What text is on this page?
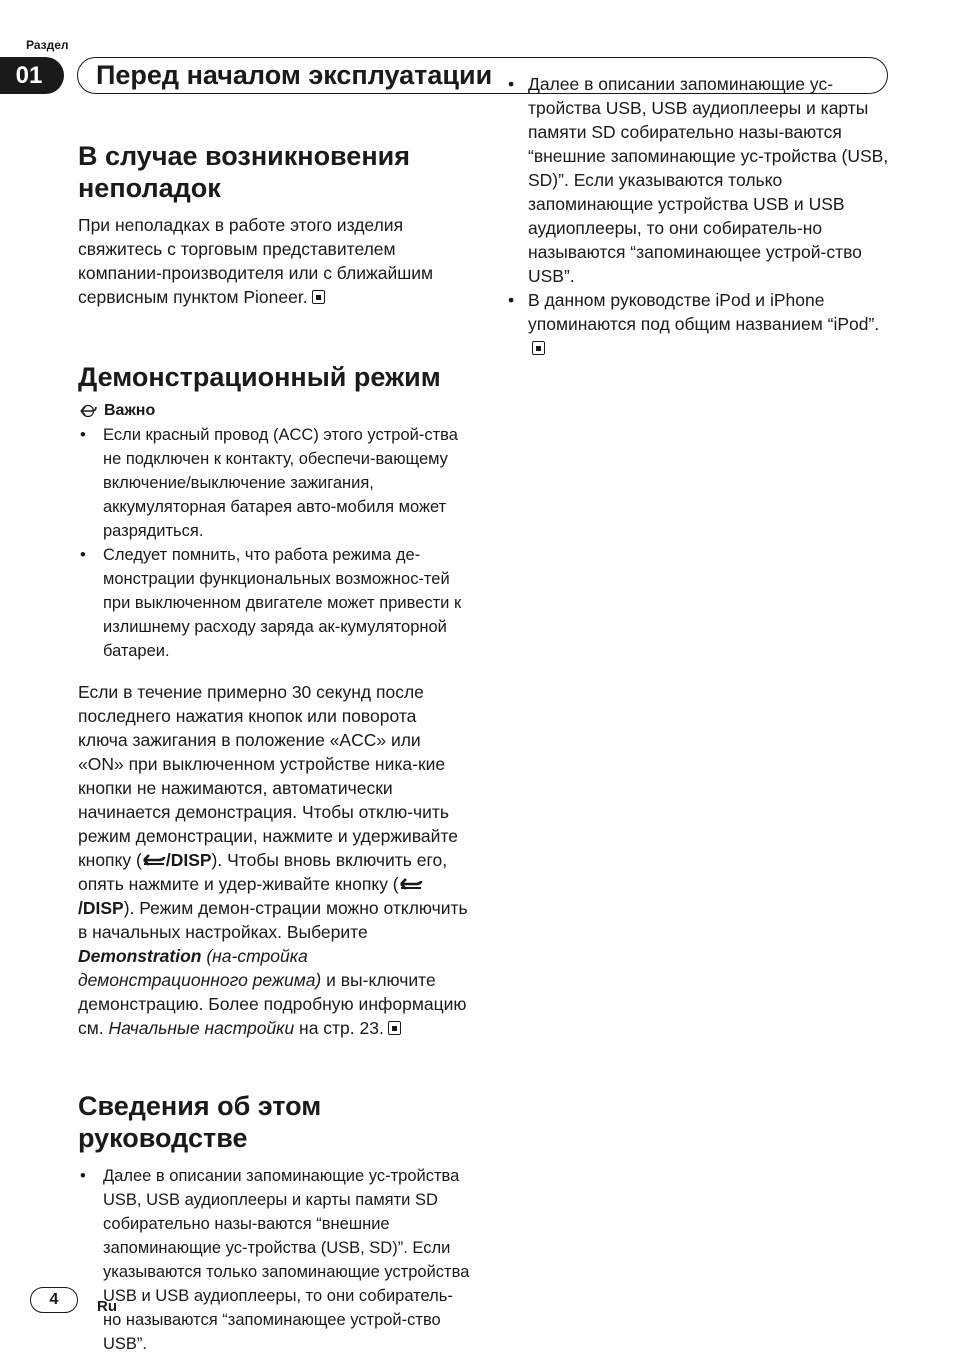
Раздел
01	Перед началом эксплуатации
В случае возникновения
неполадок

При неполадках в работе этого изделия свяжитесь с торговым представителем компании-производителя или с ближайшим сервисным пунктом Pioneer.

Демонстрационный режим
Важно
• Если красный провод (ACC) этого устрой-ства не подключен к контакту, обеспечи-вающему включение/выключение зажигания, аккумуляторная батарея авто-мобиля может разрядиться.
• Следует помнить, что работа режима де-монстрации функциональных возможнос-тей при выключенном двигателе может привести к излишнему расходу заряда ак-кумуляторной батареи.

Если в течение примерно 30 секунд после последнего нажатия кнопок или поворота ключа зажигания в положение «ACC» или «ON» при выключенном устройстве ника-кие кнопки не нажимаются, автоматически начинается демонстрация. Чтобы отклю-чить режим демонстрации, нажмите и удерживайте кнопку ( /DISP). Чтобы вновь включить его, опять нажмите и удер-живайте кнопку (/DISP). Режим демон-страции можно отключить в начальных настройках. Выберите Demonstration (на-стройка демонстрационного режима) и вы-ключите демонстрацию. Более подробную информацию см. Начальные настройки на стр. 23.

Сведения об этом
руководстве
• Далее в описании запоминающие ус-тройства USB, USB аудиоплееры и карты памяти SD собирательно назы-ваются “внешние запоминающие ус-тройства (USB, SD)”. Если указываются только запоминающие устройства USB и USB аудиоплееры, то они собиратель-но называются “запоминающее устрой-ство USB”.
• Далее в описании запоминающие ус-тройства USB, USB аудиоплееры и карты памяти SD собирательно назы-ваются “внешние запоминающие ус-тройства (USB, SD)”. Если указываются только запоминающие устройства USB и USB аудиоплееры, то они собиратель-но называются “запоминающее устрой-ство USB”.
• В данном руководстве iPod и iPhone упоминаются под общим названием “iPod”.
4	Ru
